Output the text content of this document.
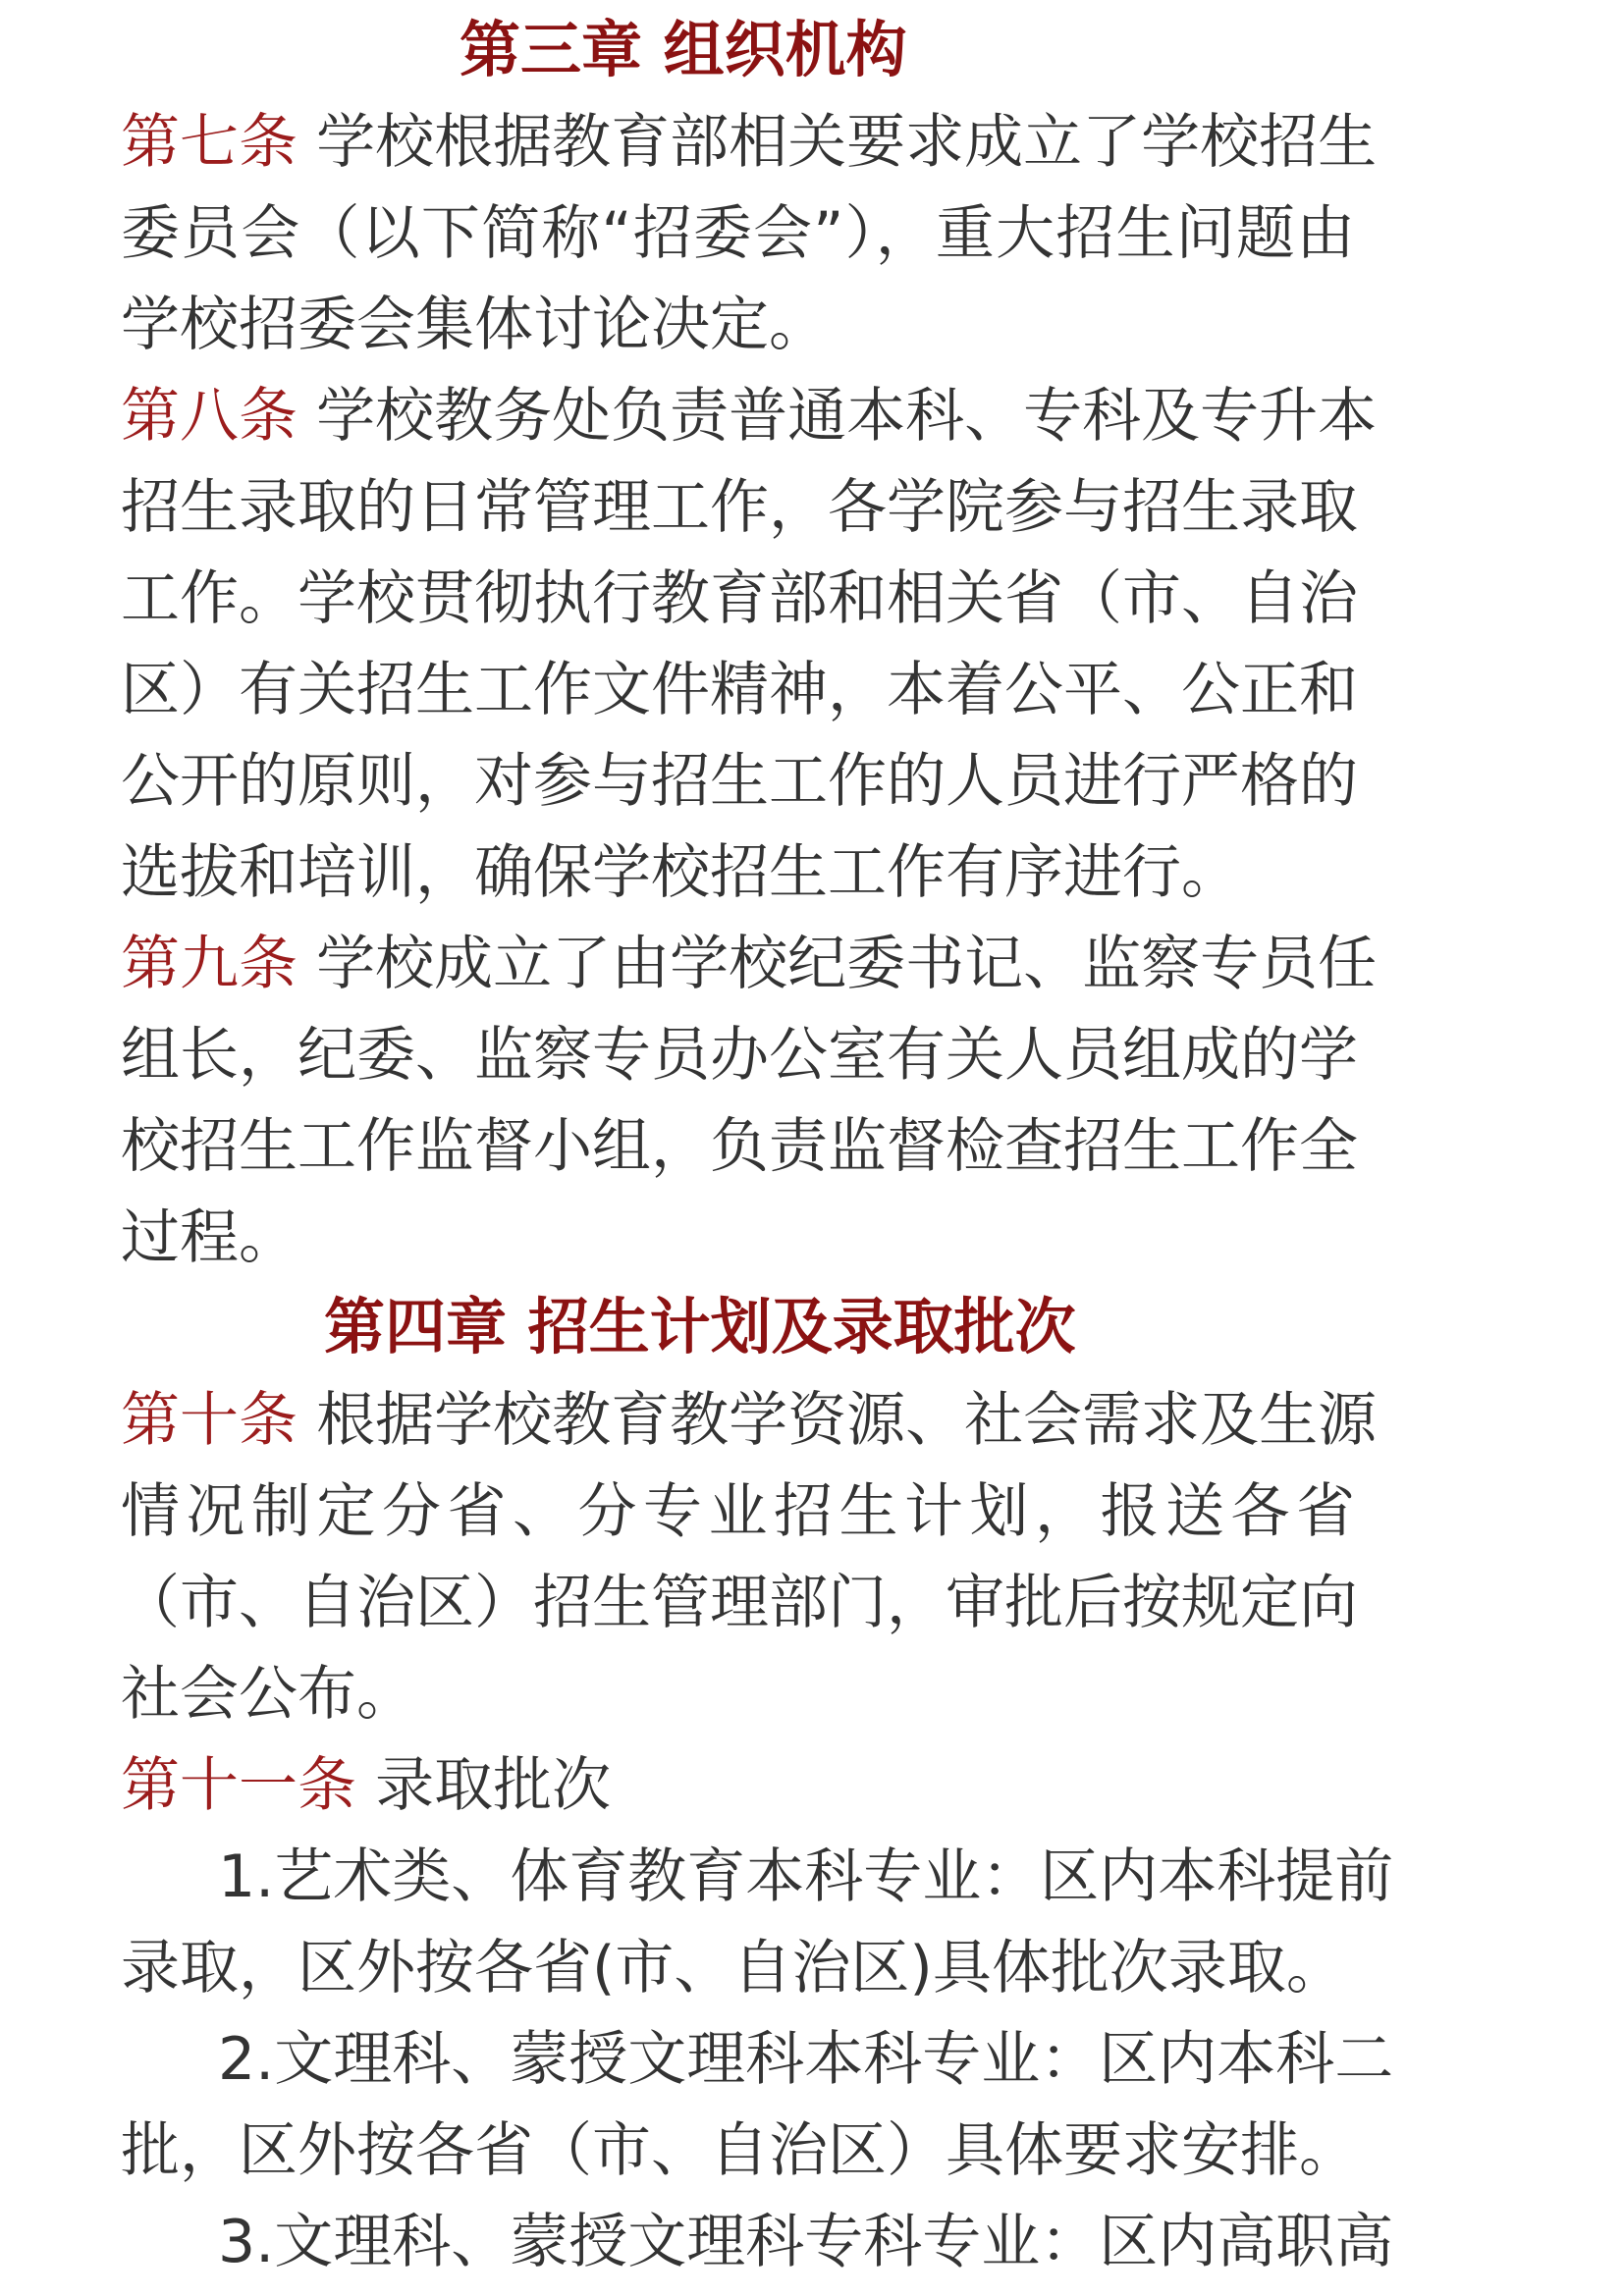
第三章 组织机构
第七条 学校根据教育部相关要求成立了学校招生
委员会（以下简称“招委会”），重大招生问题由
学校招委会集体讨论决定。
第八条 学校教务处负责普通本科、专科及专升本
招生录取的日常管理工作，各学院参与招生录取
工作。学校贯彻执行教育部和相关省（市、自治
区）有关招生工作文件精神，本着公平、公正和
公开的原则，对参与招生工作的人员进行严格的
选拔和培训，确保学校招生工作有序进行。
第九条 学校成立了由学校纪委书记、监察专员任
组长，纪委、监察专员办公室有关人员组成的学
校招生工作监督小组，负责监督检查招生工作全
过程。
第四章 招生计划及录取批次
第十条 根据学校教育教学资源、社会需求及生源
情况制定分省、分专业招生计划，报送各省
（市、自治区）招生管理部门，审批后按规定向
社会公布。
第十一条 录取批次
1.艺术类、体育教育本科专业：区内本科提前
录取，区外按各省(市、自治区)具体批次录取。
2.文理科、蒙授文理科本科专业：区内本科二
批，区外按各省（市、自治区）具体要求安排。
3.文理科、蒙授文理科专科专业：区内高职高
